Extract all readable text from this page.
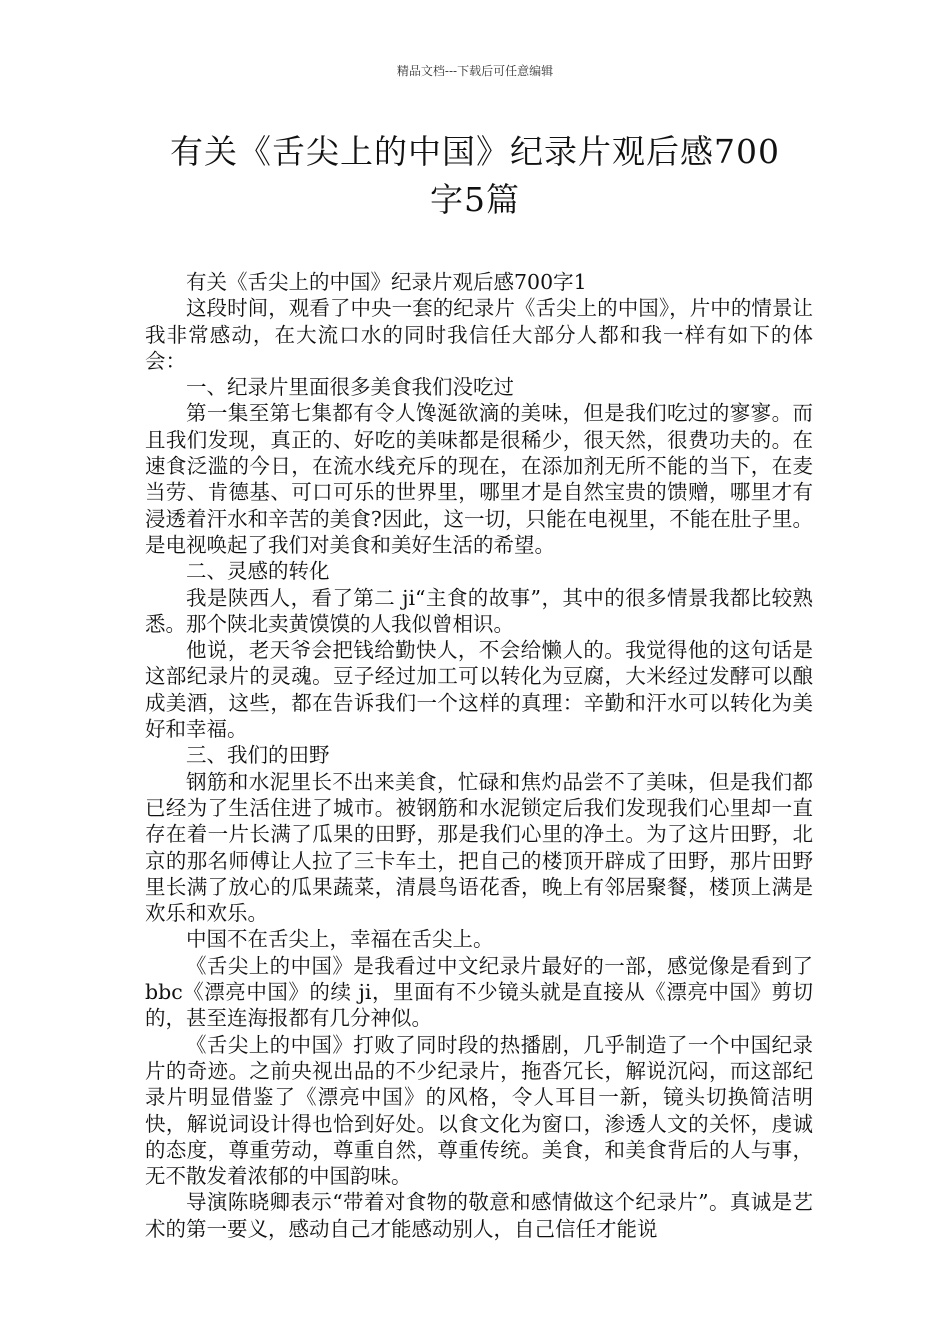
精品文档---下载后可任意编辑
有关《舌尖上的中国》纪录片观后感700
字5篇

有关《舌尖上的中国》纪录片观后感700字1

这段时间，观看了中央一套的纪录片《舌尖上的中国》，片中的情景让我非常感动，在大流口水的同时我信任大部分人都和我一样有如下的体会：

一、纪录片里面很多美食我们没吃过

第一集至第七集都有令人馋涎欲滴的美味，但是我们吃过的寥寥。而且我们发现，真正的、好吃的美味都是很稀少，很天然，很费功夫的。在速食泛滥的今日，在流水线充斥的现在，在添加剂无所不能的当下，在麦当劳、肯德基、可口可乐的世界里，哪里才是自然宝贵的馈赠，哪里才有浸透着汗水和辛苦的美食?因此，这一切，只能在电视里，不能在肚子里。是电视唤起了我们对美食和美好生活的希望。

二、灵感的转化

我是陕西人，看了第二 ji“主食的故事”，其中的很多情景我都比较熟悉。那个陕北卖黄馍馍的人我似曾相识。

他说，老天爷会把钱给勤快人，不会给懒人的。我觉得他的这句话是这部纪录片的灵魂。豆子经过加工可以转化为豆腐，大米经过发酵可以酿成美酒，这些，都在告诉我们一个这样的真理：辛勤和汗水可以转化为美好和幸福。

三、我们的田野

钢筋和水泥里长不出来美食，忙碌和焦灼品尝不了美味，但是我们都已经为了生活住进了城市。被钢筋和水泥锁定后我们发现我们心里却一直存在着一片长满了瓜果的田野，那是我们心里的净土。为了这片田野，北京的那名师傅让人拉了三卡车土，把自己的楼顶开辟成了田野，那片田野里长满了放心的瓜果蔬菜，清晨鸟语花香，晚上有邻居聚餐，楼顶上满是欢乐和欢乐。

中国不在舌尖上，幸福在舌尖上。

《舌尖上的中国》是我看过中文纪录片最好的一部，感觉像是看到了 bbc《漂亮中国》的续 ji，里面有不少镜头就是直接从《漂亮中国》剪切的，甚至连海报都有几分神似。

《舌尖上的中国》打败了同时段的热播剧，几乎制造了一个中国纪录片的奇迹。之前央视出品的不少纪录片，拖沓冗长，解说沉闷，而这部纪录片明显借鉴了《漂亮中国》的风格，令人耳目一新，镜头切换简洁明快，解说词设计得也恰到好处。以食文化为窗口，渗透人文的关怀，虔诚的态度，尊重劳动，尊重自然，尊重传统。美食，和美食背后的人与事，无不散发着浓郁的中国韵味。

导演陈晓卿表示“带着对食物的敬意和感情做这个纪录片”。真诚是艺术的第一要义，感动自己才能感动别人，自己信任才能说
